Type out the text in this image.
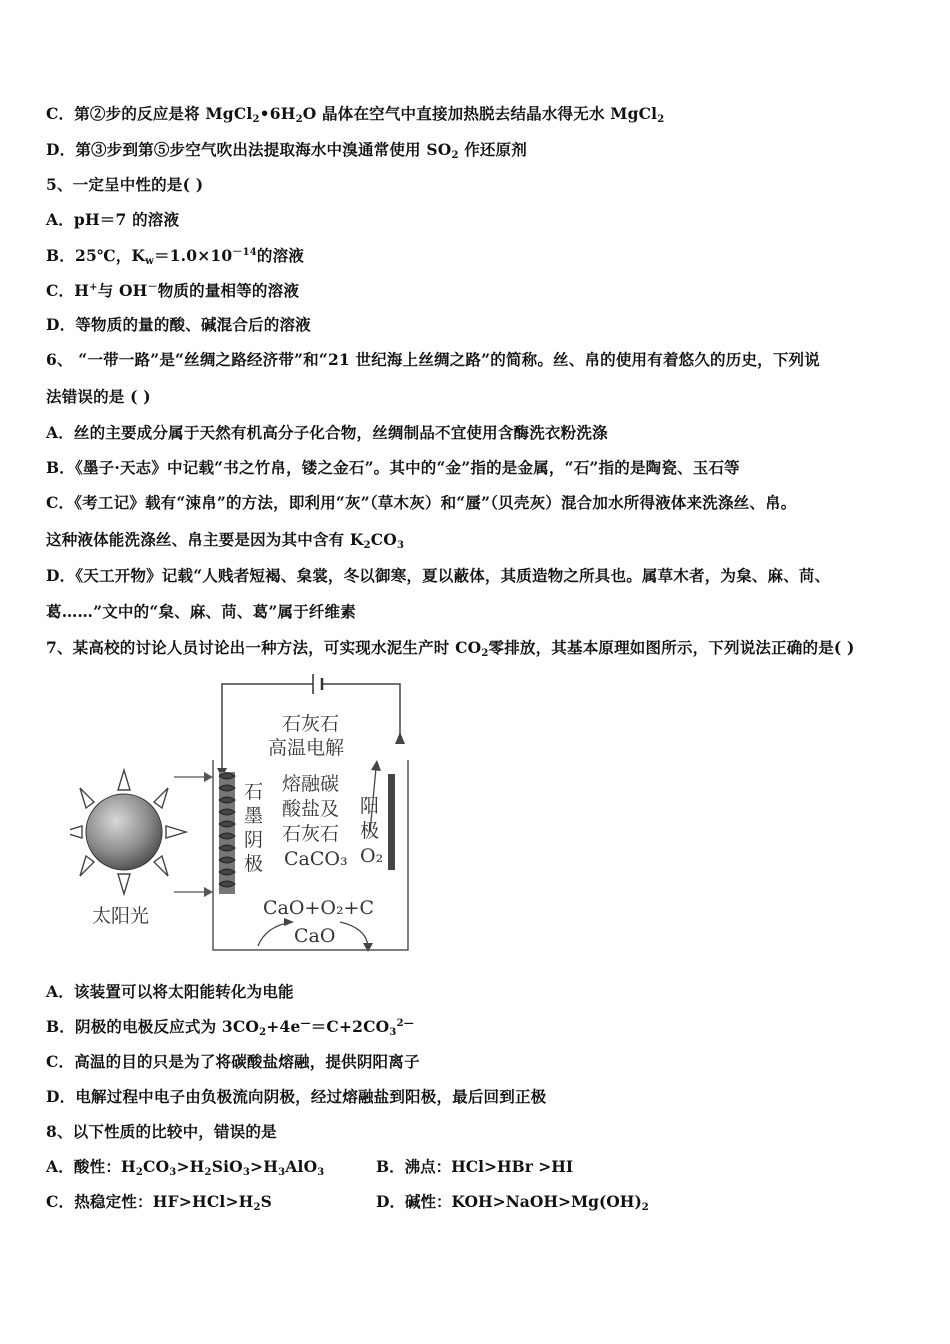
C．第②步的反应是将 $MgCl_2•6H_2O$ 晶体在空气中直接加热脱去结晶水得无水 MgCl$_2$
D．第③步到第⑤步空气吹出法提取海水中溴通常使用 $SO_2$ 作还原剂
5、一定呈中性的是( )
A．pH＝7 的溶液
B．25℃，$K_w=1.0\times 10^{-14}$的溶液
C．H+与 OH－物质的量相等的溶液
D．等物质的量的酸、碱混合后的溶液
6、 “一带一路”是“丝绸之路经济带”和“21 世纪海上丝绸之路”的简称。丝、帛的使用有着悠久的历史，下列说
法错误的是 ( )
A．丝的主要成分属于天然有机高分子化合物，丝绸制品不宜使用含酶洗衣粉洗涤
B．《墨子·天志》中记载“书之竹帛，镂之金石”。其中的“金”指的是金属，“石”指的是陶瓷、玉石等
C．《考工记》载有“涑帛”的方法，即利用“灰”（草木灰）和“蜃”（贝壳灰）混合加水所得液体来洗涤丝、帛。
这种液体能洗涤丝、帛主要是因为其中含有 $K_2CO_3$
D．《天工开物》记载“人贱者短褐、枲裳，冬以御寒，夏以蔽体，其质造物之所具也。属草木者，为枲、麻、苘、
葛……”文中的“枲、麻、苘、葛”属于纤维素
7、某高校的讨论人员讨论出一种方法，可实现水泥生产时 $CO_2$零排放，其基本原理如图所示，下列说法正确的是( )
石灰石
高温电解
石
墨
阴
极
熔融碳
酸盐及
石灰石
CaCO₃
阳
极
O₂
CaO+O₂+C
CaO
太阳光
A．该装置可以将太阳能转化为电能
B．阴极的电极反应式为 $3CO_2+4e^—=C+2CO_3^{2—}$
C．高温的目的只是为了将碳酸盐熔融，提供阴阳离子
D．电解过程中电子由负极流向阴极，经过熔融盐到阳极，最后回到正极
8、以下性质的比较中，错误的是
A．酸性：$H_2CO_3>H_2SiO_3>H_3AlO_3$	B．沸点：HCl>HBr >HI
C．热稳定性：$HF>HCl>H_2S$	D．碱性：$KOH>NaOH>Mg(OH)_2$
